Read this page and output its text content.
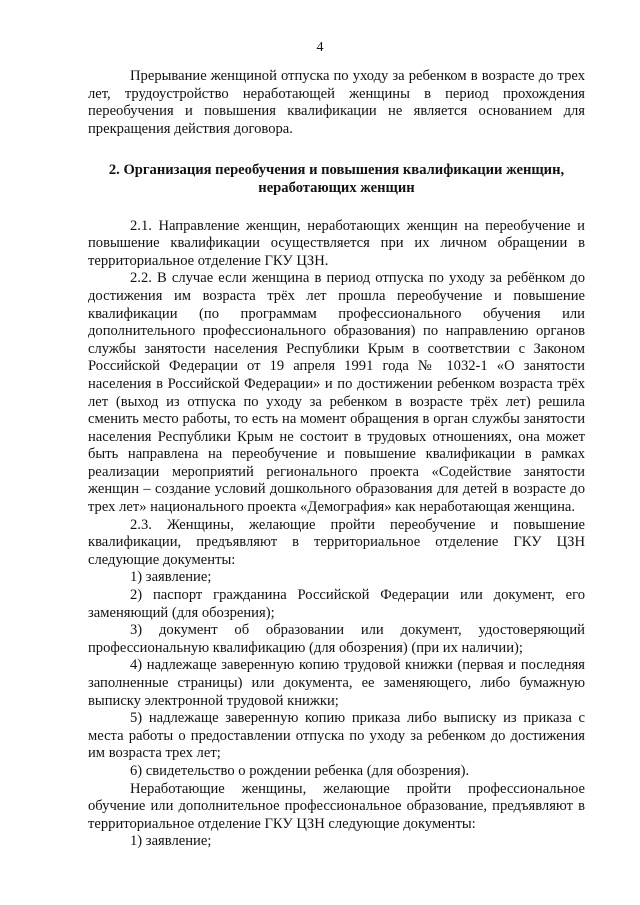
4

Прерывание женщиной отпуска по уходу за ребенком в возрасте до трех лет, трудоустройство неработающей женщины в период прохождения переобучения и повышения квалификации не является основанием для прекращения действия договора.

2. Организация переобучения и повышения квалификации женщин, неработающих женщин

2.1. Направление женщин, неработающих женщин на переобучение и повышение квалификации осуществляется при их личном обращении в территориальное отделение ГКУ ЦЗН.

2.2. В случае если женщина в период отпуска по уходу за ребёнком до достижения им возраста трёх лет прошла переобучение и повышение квалификации (по программам профессионального обучения или дополнительного профессионального образования) по направлению органов службы занятости населения Республики Крым в соответствии с Законом Российской Федерации от 19 апреля 1991 года № 1032-1 «О занятости населения в Российской Федерации» и по достижении ребенком возраста трёх лет (выход из отпуска по уходу за ребенком в возрасте трёх лет) решила сменить место работы, то есть на момент обращения в орган службы занятости населения Республики Крым не состоит в трудовых отношениях, она может быть направлена на переобучение и повышение квалификации в рамках реализации мероприятий регионального проекта «Содействие занятости женщин – создание условий дошкольного образования для детей в возрасте до трех лет» национального проекта «Демография» как неработающая женщина.

2.3. Женщины, желающие пройти переобучение и повышение квалификации, предъявляют в территориальное отделение ГКУ ЦЗН следующие документы:

1) заявление;

2) паспорт гражданина Российской Федерации или документ, его заменяющий (для обозрения);

3) документ об образовании или документ, удостоверяющий профессиональную квалификацию (для обозрения) (при их наличии);

4) надлежаще заверенную копию трудовой книжки (первая и последняя заполненные страницы) или документа, ее заменяющего, либо бумажную выписку электронной трудовой книжки;

5) надлежаще заверенную копию приказа либо выписку из приказа с места работы о предоставлении отпуска по уходу за ребенком до достижения им возраста трех лет;

6) свидетельство о рождении ребенка (для обозрения).

Неработающие женщины, желающие пройти профессиональное обучение или дополнительное профессиональное образование, предъявляют в территориальное отделение ГКУ ЦЗН следующие документы:

1) заявление;
